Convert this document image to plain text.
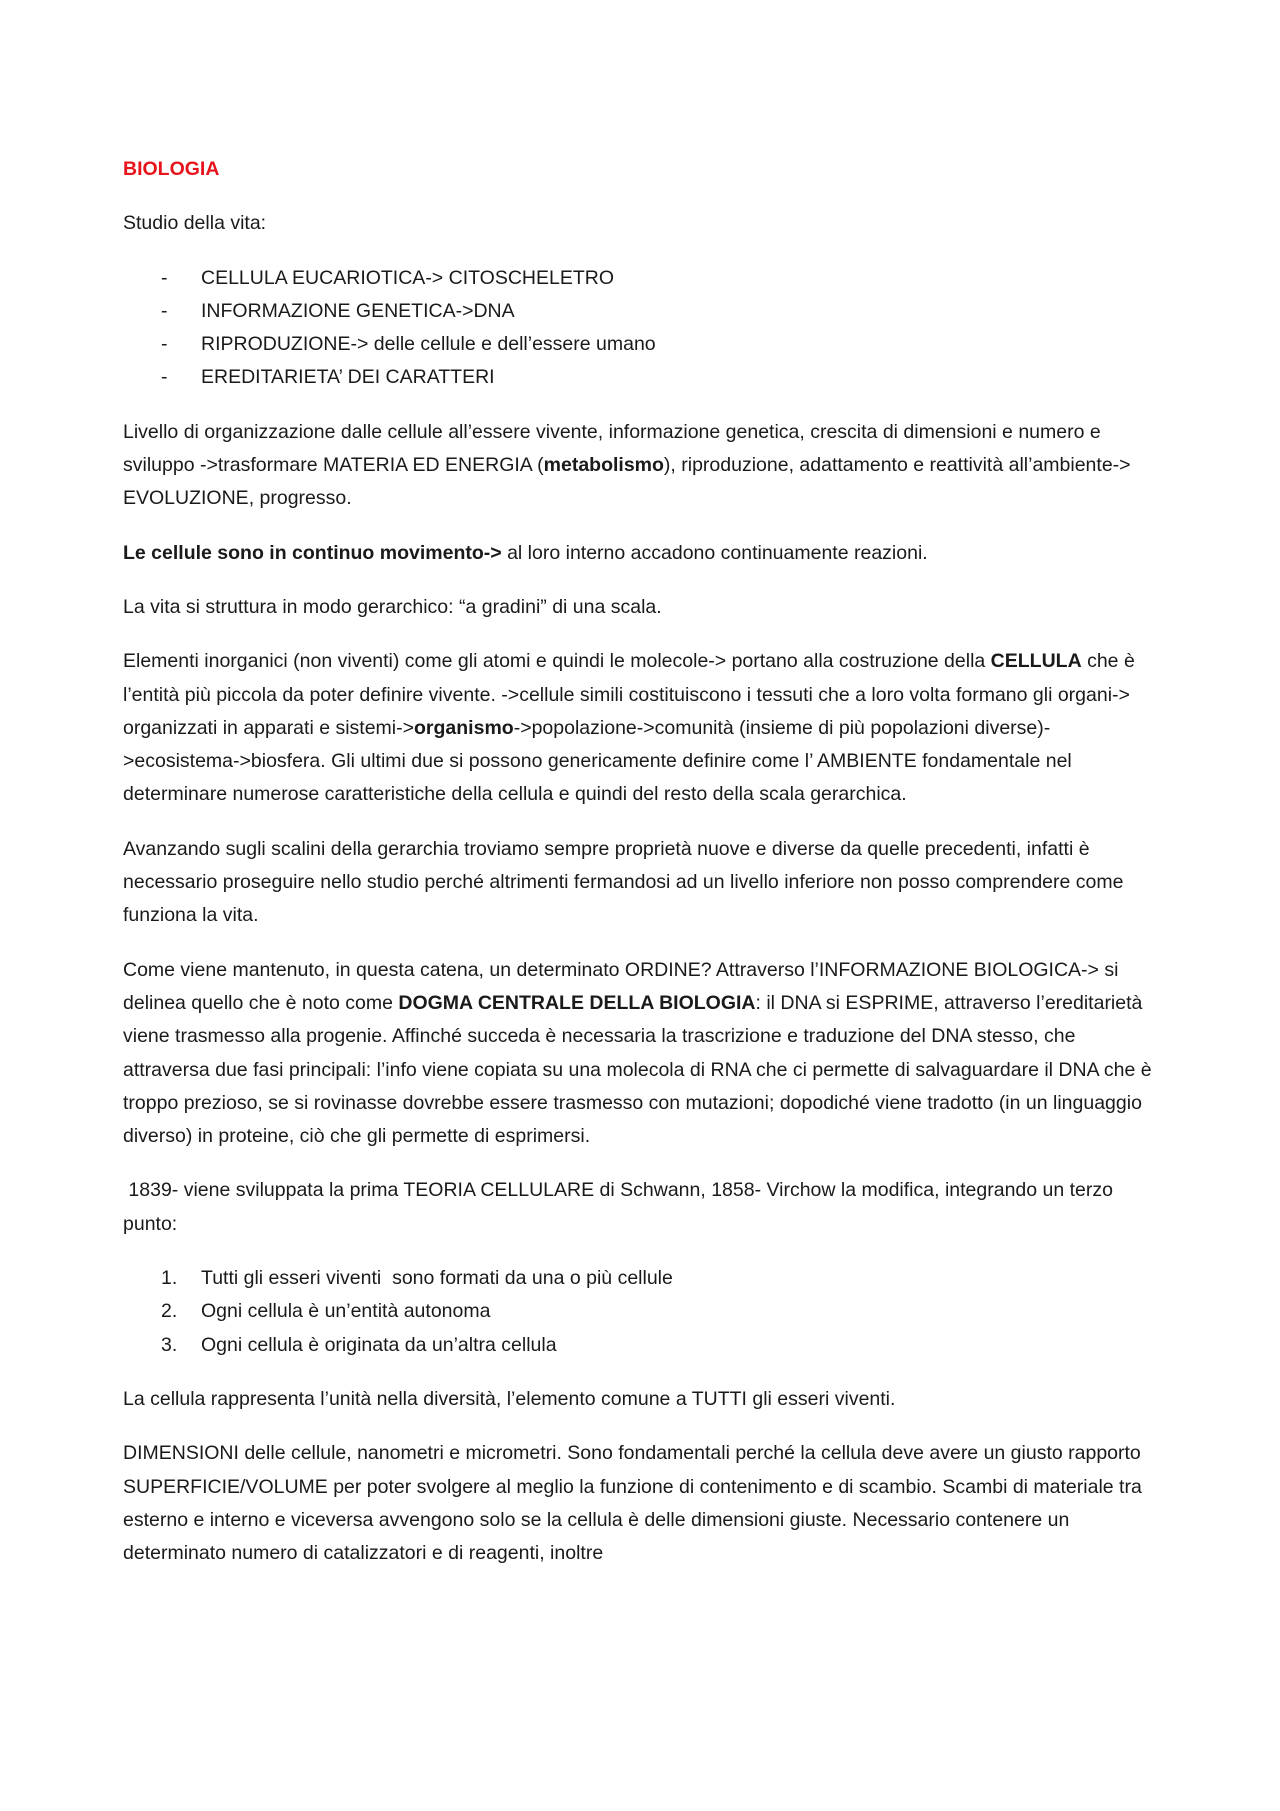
BIOLOGIA

Studio della vita:

- CELLULA EUCARIOTICA-> CITOSCHELETRO
- INFORMAZIONE GENETICA->DNA
- RIPRODUZIONE-> delle cellule e dell’essere umano
- EREDITARIETA’ DEI CARATTERI

Livello di organizzazione dalle cellule all’essere vivente, informazione genetica, crescita di dimensioni e numero e sviluppo ->trasformare MATERIA ED ENERGIA (metabolismo), riproduzione, adattamento e reattività all’ambiente-> EVOLUZIONE, progresso.

Le cellule sono in continuo movimento-> al loro interno accadono continuamente reazioni.

La vita si struttura in modo gerarchico: “a gradini” di una scala.

Elementi inorganici (non viventi) come gli atomi e quindi le molecole-> portano alla costruzione della CELLULA che è l’entità più piccola da poter definire vivente. ->cellule simili costituiscono i tessuti che a loro volta formano gli organi-> organizzati in apparati e sistemi->organismo->popolazione->comunità (insieme di più popolazioni diverse)->ecosistema->biosfera. Gli ultimi due si possono genericamente definire come l’ AMBIENTE fondamentale nel determinare numerose caratteristiche della cellula e quindi del resto della scala gerarchica.

Avanzando sugli scalini della gerarchia troviamo sempre proprietà nuove e diverse da quelle precedenti, infatti è necessario proseguire nello studio perché altrimenti fermandosi ad un livello inferiore non posso comprendere come funziona la vita.

Come viene mantenuto, in questa catena, un determinato ORDINE? Attraverso l’INFORMAZIONE BIOLOGICA-> si delinea quello che è noto come DOGMA CENTRALE DELLA BIOLOGIA: il DNA si ESPRIME, attraverso l’ereditarietà viene trasmesso alla progenie. Affinché succeda è necessaria la trascrizione e traduzione del DNA stesso, che attraversa due fasi principali: l’info viene copiata su una molecola di RNA che ci permette di salvaguardare il DNA che è troppo prezioso, se si rovinasse dovrebbe essere trasmesso con mutazioni; dopodiché viene tradotto (in un linguaggio diverso) in proteine, ciò che gli permette di esprimersi.

1839- viene sviluppata la prima TEORIA CELLULARE di Schwann, 1858- Virchow la modifica, integrando un terzo punto:

1. Tutti gli esseri viventi  sono formati da una o più cellule
2. Ogni cellula è un’entità autonoma
3. Ogni cellula è originata da un’altra cellula

La cellula rappresenta l’unità nella diversità, l’elemento comune a TUTTI gli esseri viventi.

DIMENSIONI delle cellule, nanometri e micrometri. Sono fondamentali perché la cellula deve avere un giusto rapporto SUPERFICIE/VOLUME per poter svolgere al meglio la funzione di contenimento e di scambio. Scambi di materiale tra esterno e interno e viceversa avvengono solo se la cellula è delle dimensioni giuste. Necessario contenere un determinato numero di catalizzatori e di reagenti, inoltre
